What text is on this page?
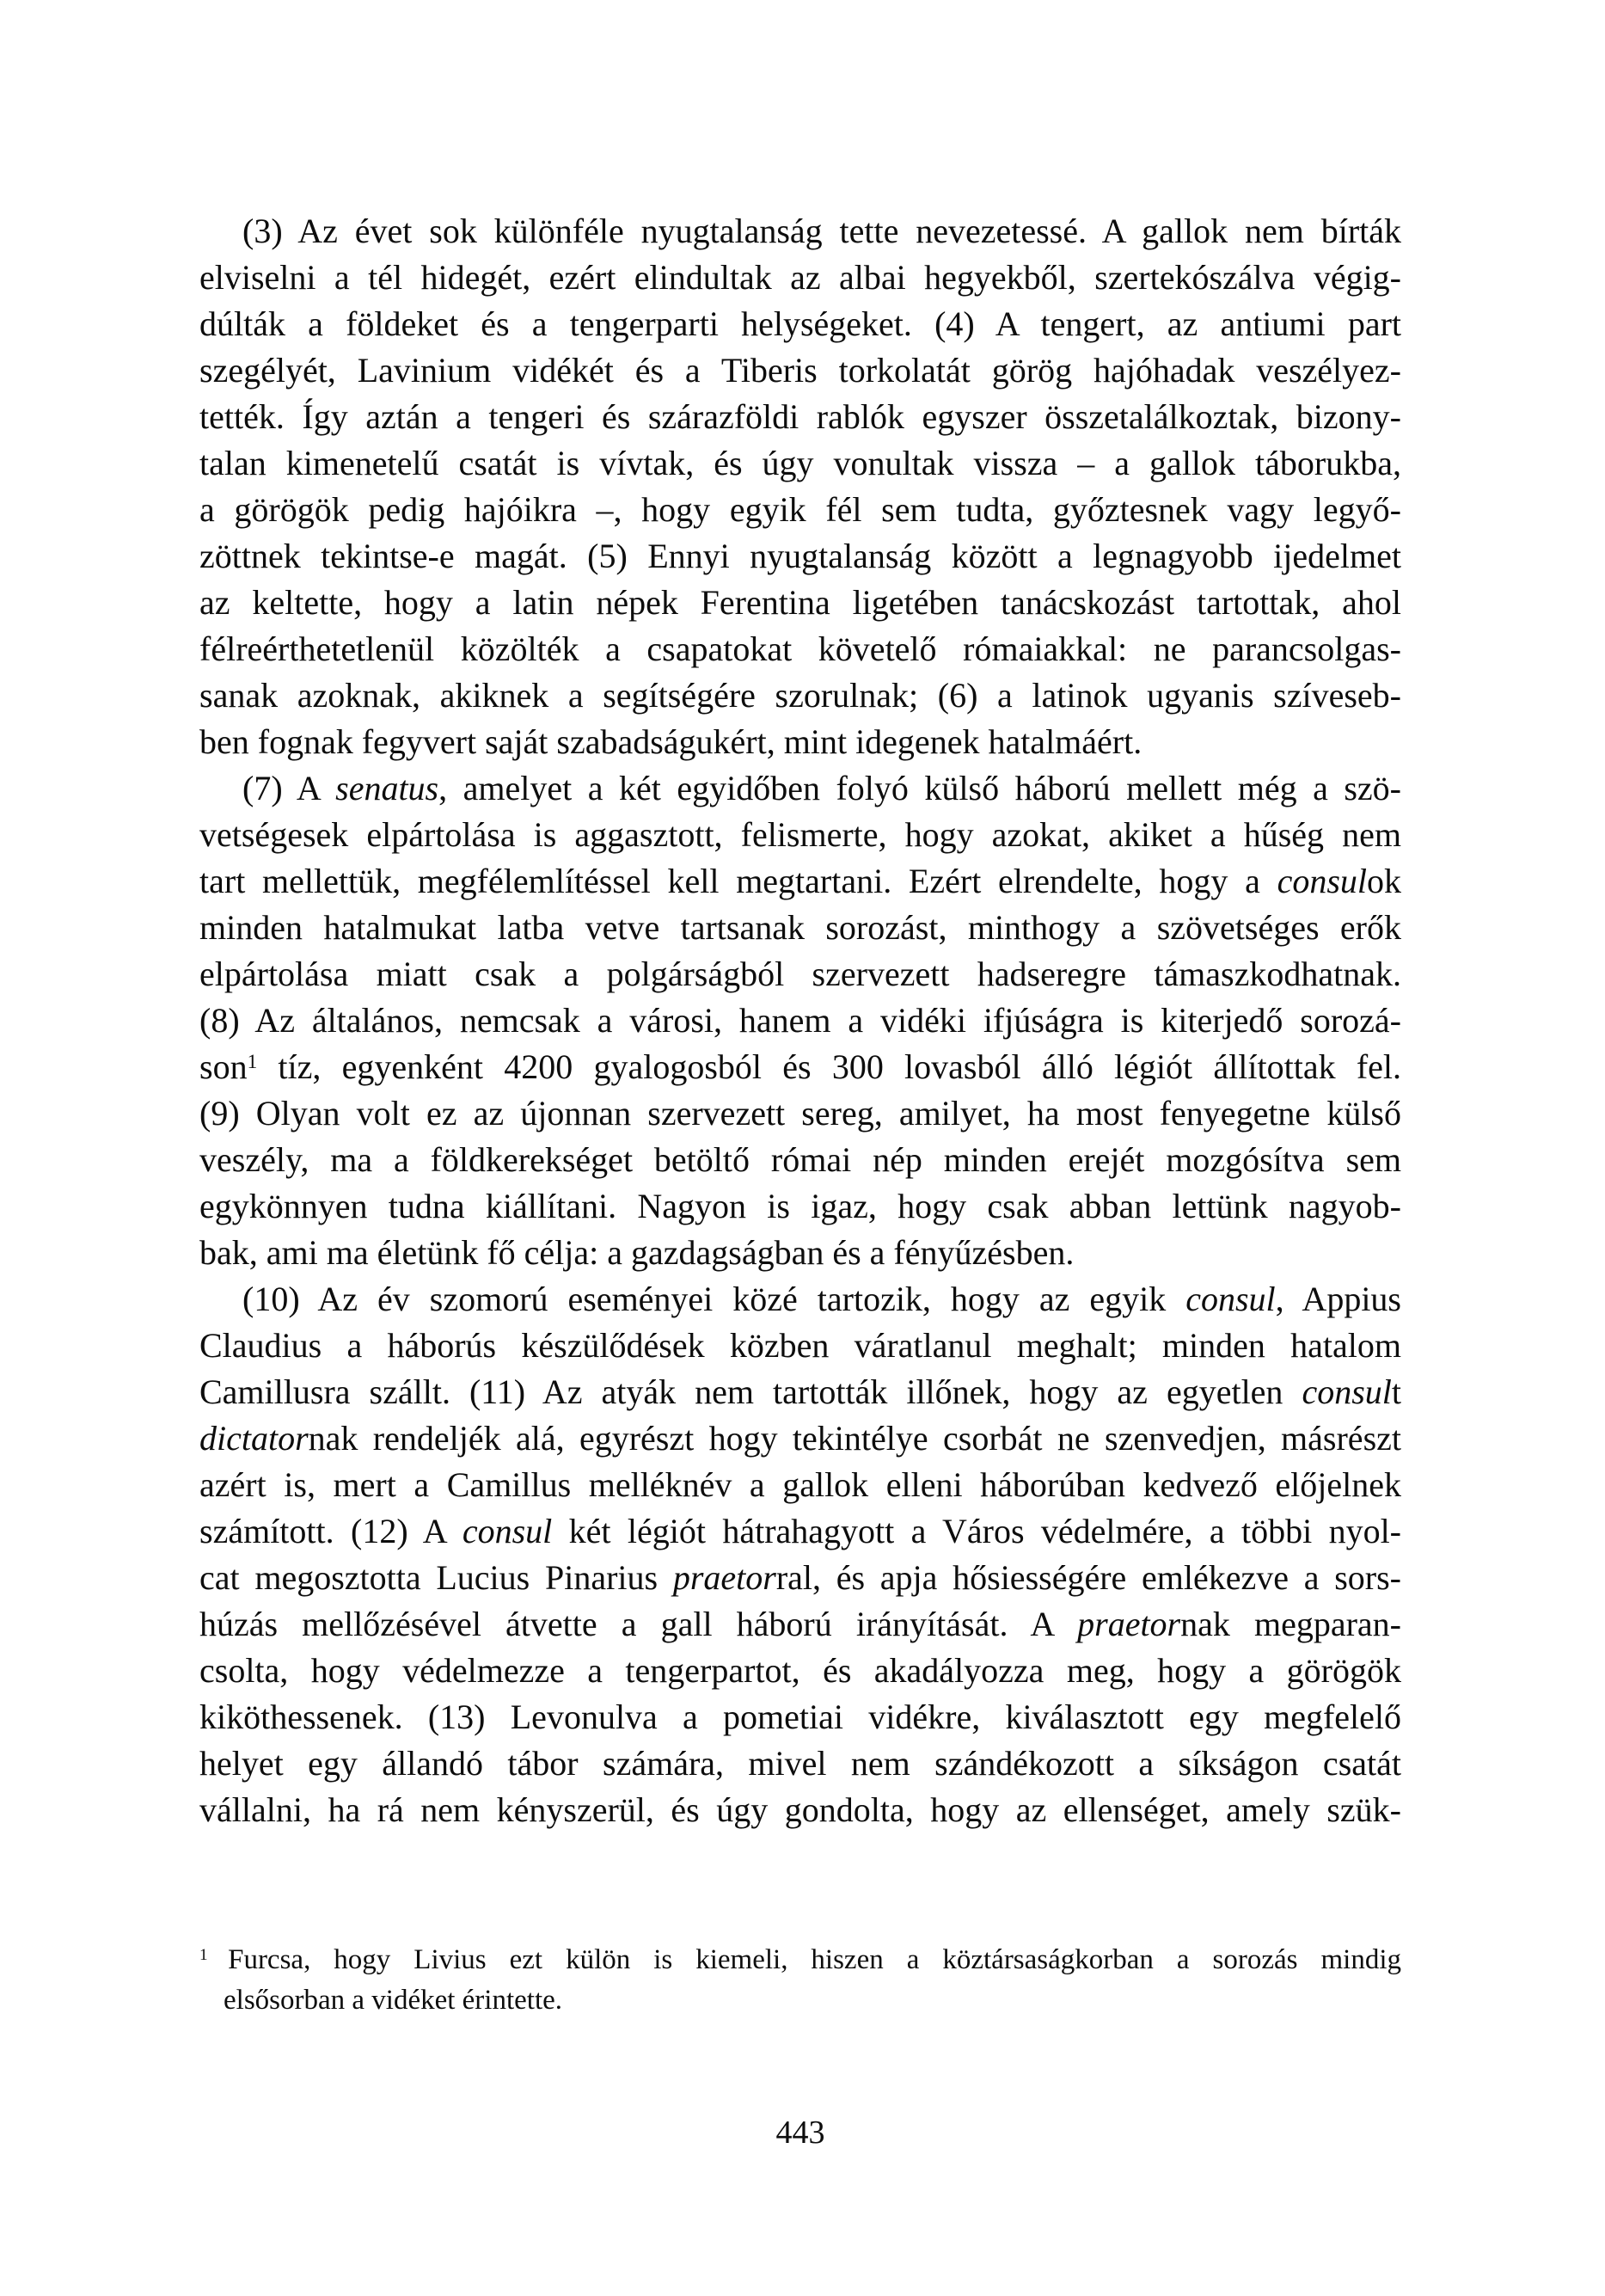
(3) Az évet sok különféle nyugtalanság tette nevezetessé. A gallok nem bírták
elviselni a tél hidegét, ezért elindultak az albai hegyekből, szertekószálva végig-
dúlták a földeket és a tengerparti helységeket. (4) A tengert, az antiumi part
szegélyét, Lavinium vidékét és a Tiberis torkolatát görög hajóhadak veszélyez-
tették. Így aztán a tengeri és szárazföldi rablók egyszer összetalálkoztak, bizony-
talan kimenetelű csatát is vívtak, és úgy vonultak vissza – a gallok táborukba,
a görögök pedig hajóikra –, hogy egyik fél sem tudta, győztesnek vagy legyő-
zöttnek tekintse-e magát. (5) Ennyi nyugtalanság között a legnagyobb ijedelmet
az keltette, hogy a latin népek Ferentina ligetében tanácskozást tartottak, ahol
félreérthetetlenül közölték a csapatokat követelő rómaiakkal: ne parancsolgas-
sanak azoknak, akiknek a segítségére szorulnak; (6) a latinok ugyanis szíveseb-
ben fognak fegyvert saját szabadságukért, mint idegenek hatalmáért.
(7) A senatus, amelyet a két egyidőben folyó külső háború mellett még a szö-
vetségesek elpártolása is aggasztott, felismerte, hogy azokat, akiket a hűség nem
tart mellettük, megfélemlítéssel kell megtartani. Ezért elrendelte, hogy a consulok
minden hatalmukat latba vetve tartsanak sorozást, minthogy a szövetséges erők
elpártolása miatt csak a polgárságból szervezett hadseregre támaszkodhatnak.
(8) Az általános, nemcsak a városi, hanem a vidéki ifjúságra is kiterjedő sorozá-
son$^1$ tíz, egyenként 4200 gyalogosból és 300 lovasból álló légiót állítottak fel.
(9) Olyan volt ez az újonnan szervezett sereg, amilyet, ha most fenyegetne külső
veszély, ma a földkerekséget betöltő római nép minden erejét mozgósítva sem
egykönnyen tudna kiállítani. Nagyon is igaz, hogy csak abban lettünk nagyob-
bak, ami ma életünk fő célja: a gazdagságban és a fényűzésben.
(10) Az év szomorú eseményei közé tartozik, hogy az egyik consul, Appius
Claudius a háborús készülődések közben váratlanul meghalt; minden hatalom
Camillusra szállt. (11) Az atyák nem tartották illőnek, hogy az egyetlen consult
dictatornak rendeljék alá, egyrészt hogy tekintélye csorbát ne szenvedjen, másrészt
azért is, mert a Camillus melléknév a gallok elleni háborúban kedvező előjelnek
számított. (12) A consul két légiót hátrahagyott a Város védelmére, a többi nyol-
cat megosztotta Lucius Pinarius praetorral, és apja hősiességére emlékezve a sors-
húzás mellőzésével átvette a gall háború irányítását. A praetornak megparan-
csolta, hogy védelmezze a tengerpartot, és akadályozza meg, hogy a görögök
kiköthessenek. (13) Levonulva a pometiai vidékre, kiválasztott egy megfelelő
helyet egy állandó tábor számára, mivel nem szándékozott a síkságon csatát
vállalni, ha rá nem kényszerül, és úgy gondolta, hogy az ellenséget, amely szük-
$^1$ Furcsa, hogy Livius ezt külön is kiemeli, hiszen a köztársaságkorban a sorozás mindig
elsősorban a vidéket érintette.
443
